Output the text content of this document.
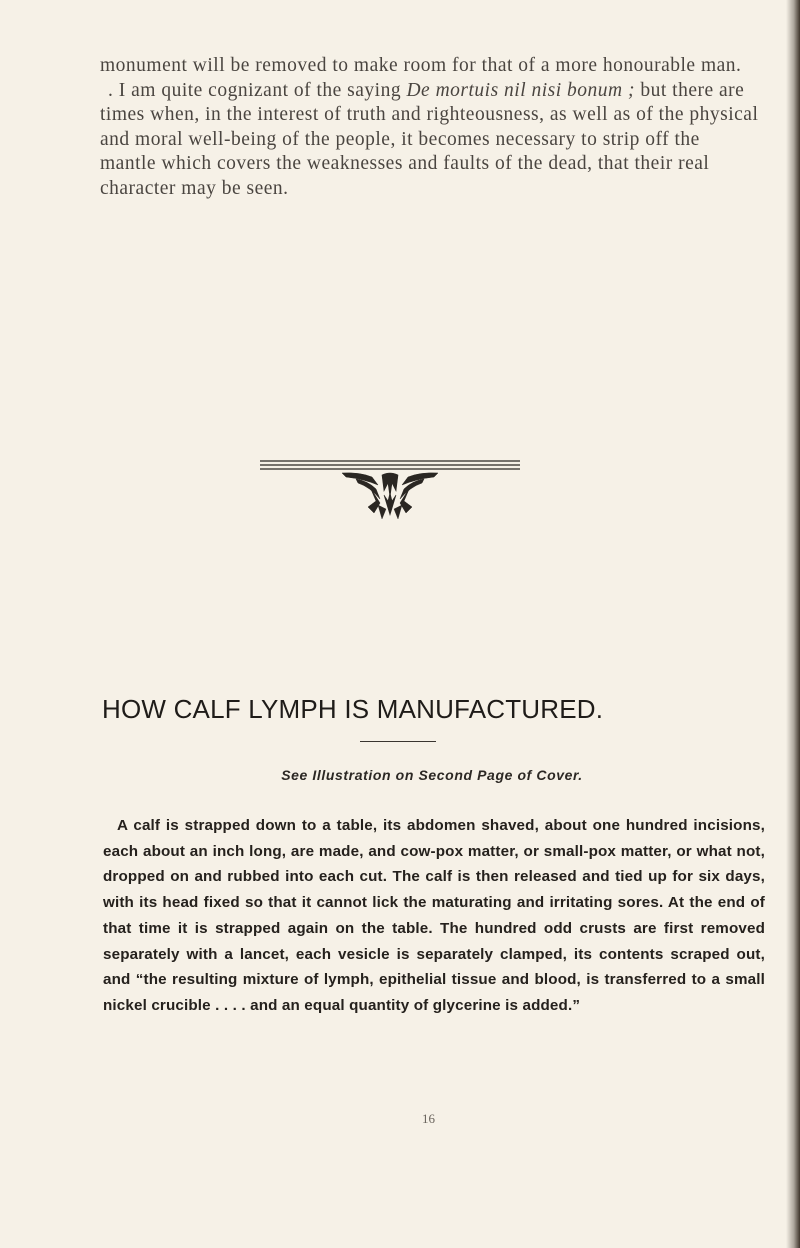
monument will be removed to make room for that of a more honourable man.

. I am quite cognizant of the saying De mortuis nil nisi bonum ; but there are times when, in the interest of truth and righteousness, as well as of the physical and moral well-being of the people, it becomes necessary to strip off the mantle which covers the weaknesses and faults of the dead, that their real character may be seen.

HOW CALF LYMPH IS MANUFACTURED.
See Illustration on Second Page of Cover.

A calf is strapped down to a table, its abdomen shaved, about one hundred incisions, each about an inch long, are made, and cow-pox matter, or small-pox matter, or what not, dropped on and rubbed into each cut. The calf is then released and tied up for six days, with its head fixed so that it cannot lick the maturating and irritating sores. At the end of that time it is strapped again on the table. The hundred odd crusts are first removed separately with a lancet, each vesicle is separately clamped, its contents scraped out, and “the resulting mixture of lymph, epithelial tissue and blood, is transferred to a small nickel crucible . . . . and an equal quantity of glycerine is added.”

16
